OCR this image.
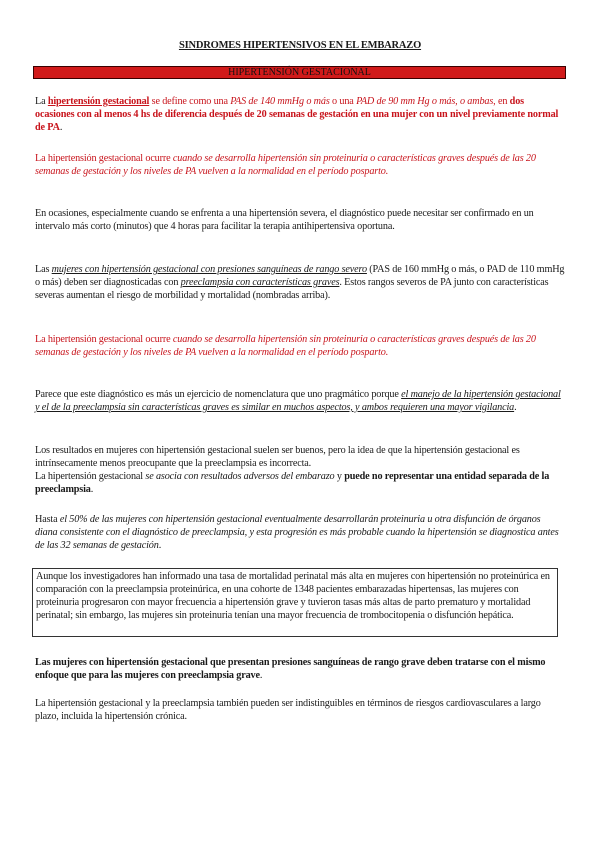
SINDROMES HIPERTENSIVOS EN EL EMBARAZO
HIPERTENSIÓN GESTACIONAL

La hipertensión gestacional se define como una PAS de 140 mmHg o más o una PAD de 90 mm Hg o más, o ambas, en dos ocasiones con al menos 4 hs de diferencia después de 20 semanas de gestación en una mujer con un nivel previamente normal de PA.

La hipertensión gestacional ocurre cuando se desarrolla hipertensión sin proteinuria o características graves después de las 20 semanas de gestación y los niveles de PA vuelven a la normalidad en el período posparto.

En ocasiones, especialmente cuando se enfrenta a una hipertensión severa, el diagnóstico puede necesitar ser confirmado en un intervalo más corto (minutos) que 4 horas para facilitar la terapia antihipertensiva oportuna.

Las mujeres con hipertensión gestacional con presiones sanguíneas de rango severo (PAS de 160 mmHg o más, o PAD de 110 mmHg o más) deben ser diagnosticadas con preeclampsia con características graves. Estos rangos severos de PA junto con características severas aumentan el riesgo de morbilidad y mortalidad (nombradas arriba).

La hipertensión gestacional ocurre cuando se desarrolla hipertensión sin proteinuria o características graves después de las 20 semanas de gestación y los niveles de PA vuelven a la normalidad en el período posparto.

Parece que este diagnóstico es más un ejercicio de nomenclatura que uno pragmático porque el manejo de la hipertensión gestacional y el de la preeclampsia sin características graves es similar en muchos aspectos, y ambos requieren una mayor vigilancia.

Los resultados en mujeres con hipertensión gestacional suelen ser buenos, pero la idea de que la hipertensión gestacional es intrínsecamente menos preocupante que la preeclampsia es incorrecta.
La hipertensión gestacional se asocia con resultados adversos del embarazo y puede no representar una entidad separada de la preeclampsia.

Hasta el 50% de las mujeres con hipertensión gestacional eventualmente desarrollarán proteinuria u otra disfunción de órganos diana consistente con el diagnóstico de preeclampsia, y esta progresión es más probable cuando la hipertensión se diagnostica antes de las 32 semanas de gestación.

Aunque los investigadores han informado una tasa de mortalidad perinatal más alta en mujeres con hipertensión no proteinúrica en comparación con la preeclampsia proteinúrica, en una cohorte de 1348 pacientes embarazadas hipertensas, las mujeres con proteinuria progresaron con mayor frecuencia a hipertensión grave y tuvieron tasas más altas de parto prematuro y mortalidad perinatal; sin embargo, las mujeres sin proteinuria tenían una mayor frecuencia de trombocitopenia o disfunción hepática.

Las mujeres con hipertensión gestacional que presentan presiones sanguíneas de rango grave deben tratarse con el mismo enfoque que para las mujeres con preeclampsia grave.

La hipertensión gestacional y la preeclampsia también pueden ser indistinguibles en términos de riesgos cardiovasculares a largo plazo, incluida la hipertensión crónica.
